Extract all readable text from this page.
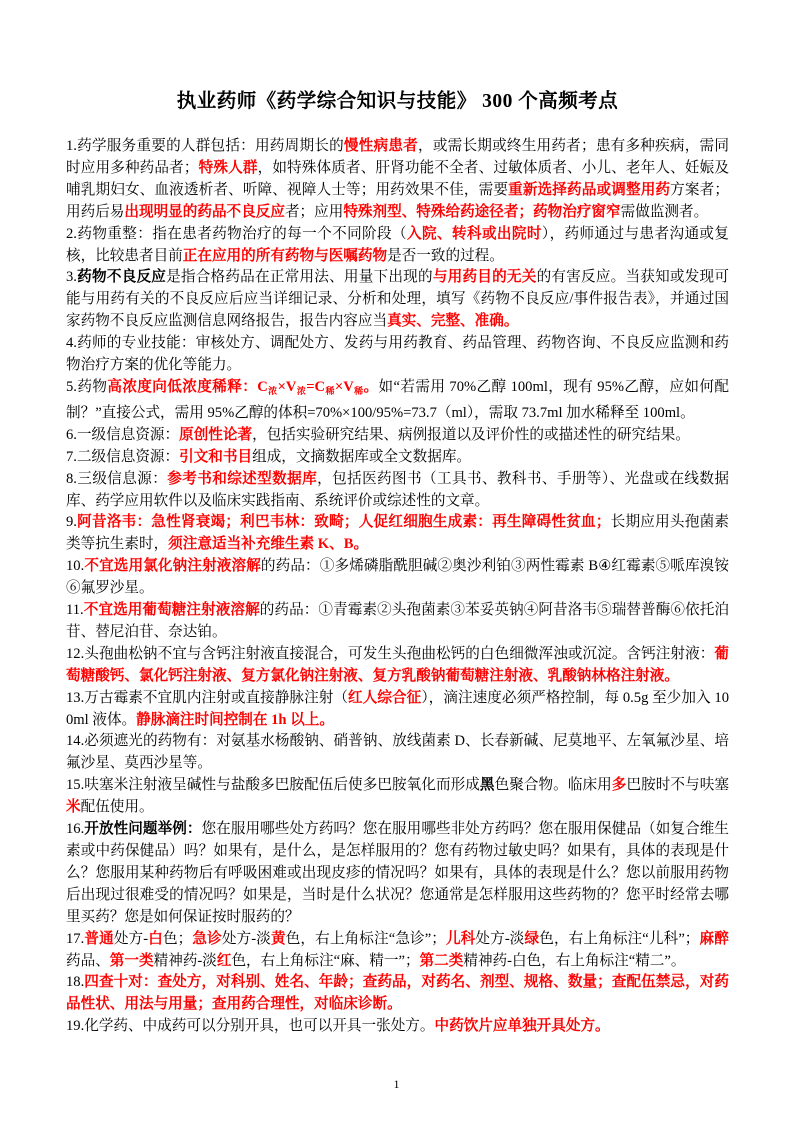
执业药师《药学综合知识与技能》 300 个高频考点

1.药学服务重要的人群包括：用药周期长的慢性病患者，或需长期或终生用药者；患有多种疾病，需同时应用多种药品者；特殊人群，如特殊体质者、肝肾功能不全者、过敏体质者、小儿、老年人、妊娠及哺乳期妇女、血液透析者、听障、视障人士等；用药效果不佳，需要重新选择药品或调整用药方案者；用药后易出现明显的药品不良反应者；应用特殊剂型、特殊给药途径者；药物治疗窗窄需做监测者。

2.药物重整：指在患者药物治疗的每一个不同阶段（入院、转科或出院时），药师通过与患者沟通或复核，比较患者目前正在应用的所有药物与医嘱药物是否一致的过程。

3.药物不良反应是指合格药品在正常用法、用量下出现的与用药目的无关的有害反应。当获知或发现可能与用药有关的不良反应后应当详细记录、分析和处理，填写《药物不良反应/事件报告表》，并通过国家药物不良反应监测信息网络报告，报告内容应当真实、完整、准确。

4.药师的专业技能：审核处方、调配处方、发药与用药教育、药品管理、药物咨询、不良反应监测和药物治疗方案的优化等能力。

5.药物高浓度向低浓度稀释：$C_浓\times V_浓=C_稀\times V_稀$。如“若需用 70%乙醇 100ml，现有 95%乙醇，应如何配制？”直接公式，需用 95%乙醇的体积=70%×100/95%=73.7（ml），需取 73.7ml 加水稀释至 100ml。

6.一级信息资源：原创性论著，包括实验研究结果、病例报道以及评价性的或描述性的研究结果。

7.二级信息资源：引文和书目组成，文摘数据库或全文数据库。

8.三级信息源：参考书和综述型数据库，包括医药图书（工具书、教科书、手册等）、光盘或在线数据库、药学应用软件以及临床实践指南、系统评价或综述性的文章。

9.阿昔洛韦：急性肾衰竭；利巴韦林：致畸；人促红细胞生成素：再生障碍性贫血；长期应用头孢菌素类等抗生素时，须注意适当补充维生素 K、B。

10.不宜选用氯化钠注射液溶解的药品：①多烯磷脂酰胆碱②奥沙利铂③两性霉素 B④红霉素⑤哌库溴铵⑥氟罗沙星。

11.不宜选用葡萄糖注射液溶解的药品：①青霉素②头孢菌素③苯妥英钠④阿昔洛韦⑤瑞替普酶⑥依托泊苷、替尼泊苷、奈达铂。

12.头孢曲松钠不宜与含钙注射液直接混合，可发生头孢曲松钙的白色细微浑浊或沉淀。含钙注射液：葡萄糖酸钙、氯化钙注射液、复方氯化钠注射液、复方乳酸钠葡萄糖注射液、乳酸钠林格注射液。

13.万古霉素不宜肌内注射或直接静脉注射（红人综合征），滴注速度必须严格控制，每 0.5g 至少加入 100ml 液体。静脉滴注时间控制在 1h 以上。

14.必须遮光的药物有：对氨基水杨酸钠、硝普钠、放线菌素 D、长春新碱、尼莫地平、左氧氟沙星、培氟沙星、莫西沙星等。

15.呋塞米注射液呈碱性与盐酸多巴胺配伍后使多巴胺氧化而形成黑色聚合物。临床用多巴胺时不与呋塞米配伍使用。

16.开放性问题举例：您在服用哪些处方药吗？您在服用哪些非处方药吗？您在服用保健品（如复合维生素或中药保健品）吗？如果有，是什么，是怎样服用的？您有药物过敏史吗？如果有，具体的表现是什么？您服用某种药物后有呼吸困难或出现皮疹的情况吗？如果有，具体的表现是什么？您以前服用药物后出现过很难受的情况吗？如果是，当时是什么状况？您通常是怎样服用这些药物的？您平时经常去哪里买药？您是如何保证按时服药的？

17.普通处方-白色；急诊处方-淡黄色，右上角标注“急诊”；儿科处方-淡绿色，右上角标注“儿科”；麻醉药品、第一类精神药-淡红色，右上角标注“麻、精一”；第二类精神药-白色，右上角标注“精二”。

18.四查十对：查处方，对科别、姓名、年龄；查药品，对药名、剂型、规格、数量；查配伍禁忌，对药品性状、用法与用量；查用药合理性，对临床诊断。

19.化学药、中成药可以分别开具，也可以开具一张处方。中药饮片应单独开具处方。

1
